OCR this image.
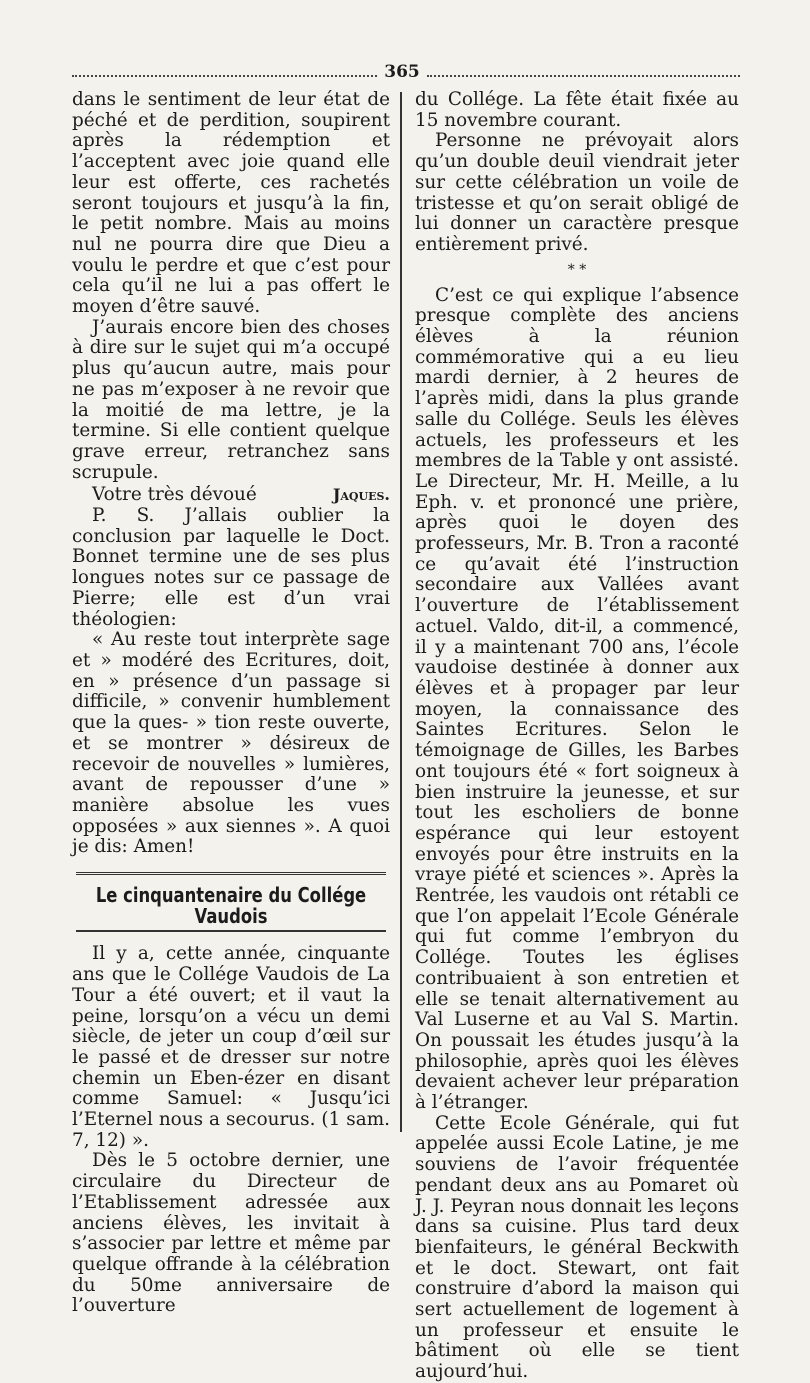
365

dans le sentiment de leur état de péché et de perdition, soupirent après la rédemption et l’acceptent avec joie quand elle leur est offerte, ces rachetés seront toujours et jusqu’à la fin, le petit nombre. Mais au moins nul ne pourra dire que Dieu a voulu le perdre et que c’est pour cela qu’il ne lui a pas offert le moyen d’être sauvé.

J’aurais encore bien des choses à dire sur le sujet qui m’a occupé plus qu’aucun autre, mais pour ne pas m’exposer à ne revoir que la moitié de ma lettre, je la termine. Si elle contient quelque grave erreur, retranchez sans scrupule.

Votre très dévoué	Jaques.

P. S. J’allais oublier la conclusion par laquelle le Doct. Bonnet termine une de ses plus longues notes sur ce passage de Pierre; elle est d’un vrai théologien:

« Au reste tout interprète sage et » modéré des Ecritures, doit, en » présence d’un passage si difficile, » convenir humblement que la ques- » tion reste ouverte, et se montrer » désireux de recevoir de nouvelles » lumières, avant de repousser d’une » manière absolue les vues opposées » aux siennes ». A quoi je dis: Amen!

Le cinquantenaire du Collége Vaudois

Il y a, cette année, cinquante ans que le Collége Vaudois de La Tour a été ouvert; et il vaut la peine, lorsqu’on a vécu un demi siècle, de jeter un coup d’œil sur le passé et de dresser sur notre chemin un Eben-ézer en disant comme Samuel: « Jusqu’ici l’Eternel nous a secourus. (1 sam. 7, 12) ».

Dès le 5 octobre dernier, une circulaire du Directeur de l’Etablissement adressée aux anciens élèves, les invitait à s’associer par lettre et même par quelque offrande à la célébration du 50me anniversaire de l’ouverture

du Collége. La fête était fixée au 15 novembre courant.

Personne ne prévoyait alors qu’un double deuil viendrait jeter sur cette célébration un voile de tristesse et qu’on serait obligé de lui donner un caractère presque entièrement privé.

* *

C’est ce qui explique l’absence presque complète des anciens élèves à la réunion commémorative qui a eu lieu mardi dernier, à 2 heures de l’après midi, dans la plus grande salle du Collége. Seuls les élèves actuels, les professeurs et les membres de la Table y ont assisté. Le Directeur, Mr. H. Meille, a lu Eph. v. et prononcé une prière, après quoi le doyen des professeurs, Mr. B. Tron a raconté ce qu’avait été l’instruction secondaire aux Vallées avant l’ouverture de l’établissement actuel. Valdo, dit-il, a commencé, il y a maintenant 700 ans, l’école vaudoise destinée à donner aux élèves et à propager par leur moyen, la connaissance des Saintes Ecritures. Selon le témoignage de Gilles, les Barbes ont toujours été « fort soigneux à bien instruire la jeunesse, et sur tout les escholiers de bonne espérance qui leur estoyent envoyés pour être instruits en la vraye piété et sciences ». Après la Rentrée, les vaudois ont rétabli ce que l’on appelait l’Ecole Générale qui fut comme l’embryon du Collége. Toutes les églises contribuaient à son entretien et elle se tenait alternativement au Val Luserne et au Val S. Martin. On poussait les études jusqu’à la philosophie, après quoi les élèves devaient achever leur préparation à l’étranger.

Cette Ecole Générale, qui fut appelée aussi Ecole Latine, je me souviens de l’avoir fréquentée pendant deux ans au Pomaret où J. J. Peyran nous donnait les leçons dans sa cuisine. Plus tard deux bienfaiteurs, le général Beckwith et le doct. Stewart, ont fait construire d’abord la maison qui sert actuellement de logement à un professeur et ensuite le bâtiment où elle se tient aujourd’hui.
